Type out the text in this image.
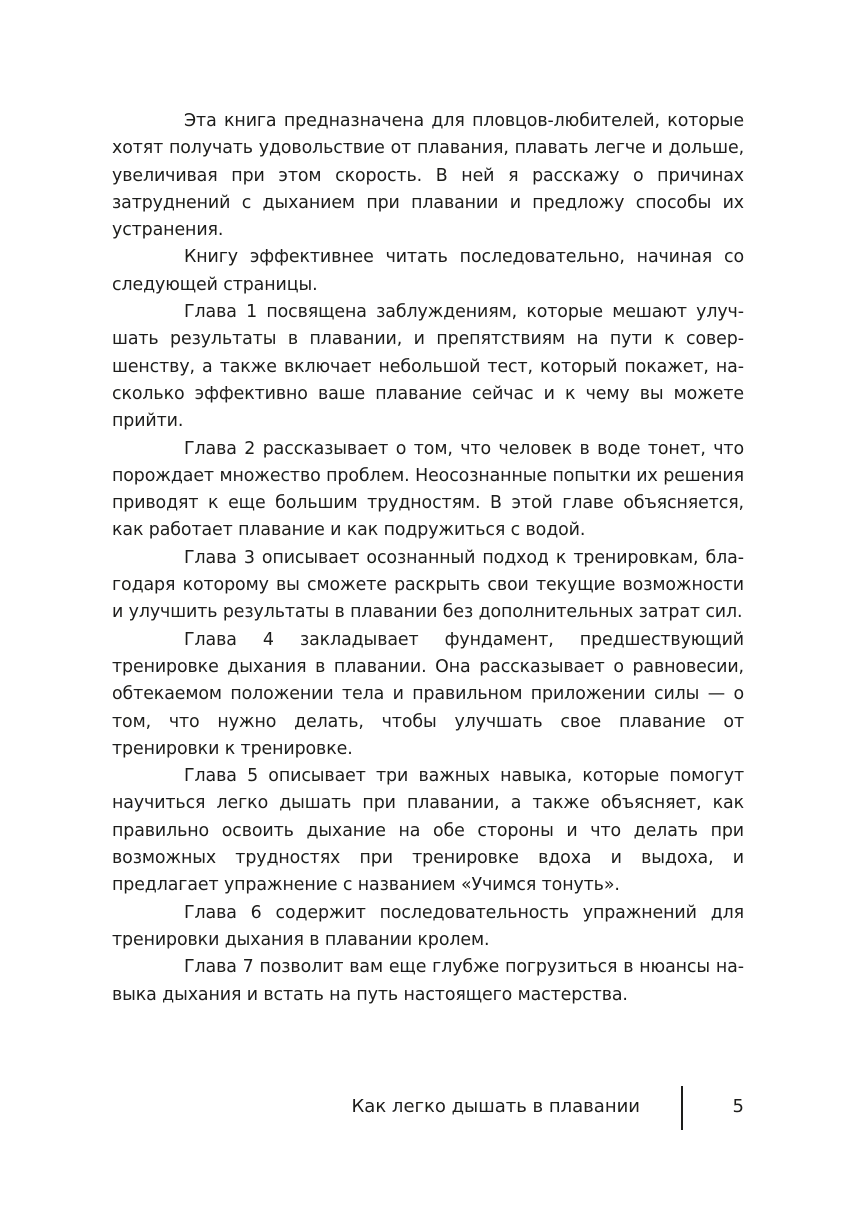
Эта книга предназначена для пловцов-любителей, которые хотят получать удовольствие от плавания, плавать легче и дольше, увеличивая при этом скорость. В ней я расскажу о причинах затруднений с дыханием при плавании и предложу способы их устранения.

Книгу эффективнее читать последовательно, начиная со следующей страницы.

Глава 1 посвящена заблуждениям, которые мешают улучшать результаты в плавании, и препятствиям на пути к совершенству, а также включает небольшой тест, который покажет, насколько эффективно ваше плавание сейчас и к чему вы можете прийти.

Глава 2 рассказывает о том, что человек в воде тонет, что порождает множество проблем. Неосознанные попытки их решения приводят к еще большим трудностям. В этой главе объясняется, как работает плавание и как подружиться с водой.

Глава 3 описывает осознанный подход к тренировкам, благодаря которому вы сможете раскрыть свои текущие возможности и улучшить результаты в плавании без дополнительных затрат сил.

Глава 4 закладывает фундамент, предшествующий тренировке дыхания в плавании. Она рассказывает о равновесии, обтекаемом положении тела и правильном приложении силы — о том, что нужно делать, чтобы улучшать свое плавание от тренировки к тренировке.

Глава 5 описывает три важных навыка, которые помогут научиться легко дышать при плавании, а также объясняет, как правильно освоить дыхание на обе стороны и что делать при возможных трудностях при тренировке вдоха и выдоха, и предлагает упражнение с названием «Учимся тонуть».

Глава 6 содержит последовательность упражнений для тренировки дыхания в плавании кролем.

Глава 7 позволит вам еще глубже погрузиться в нюансы навыка дыхания и встать на путь настоящего мастерства.

Как легко дышать в плавании	5
